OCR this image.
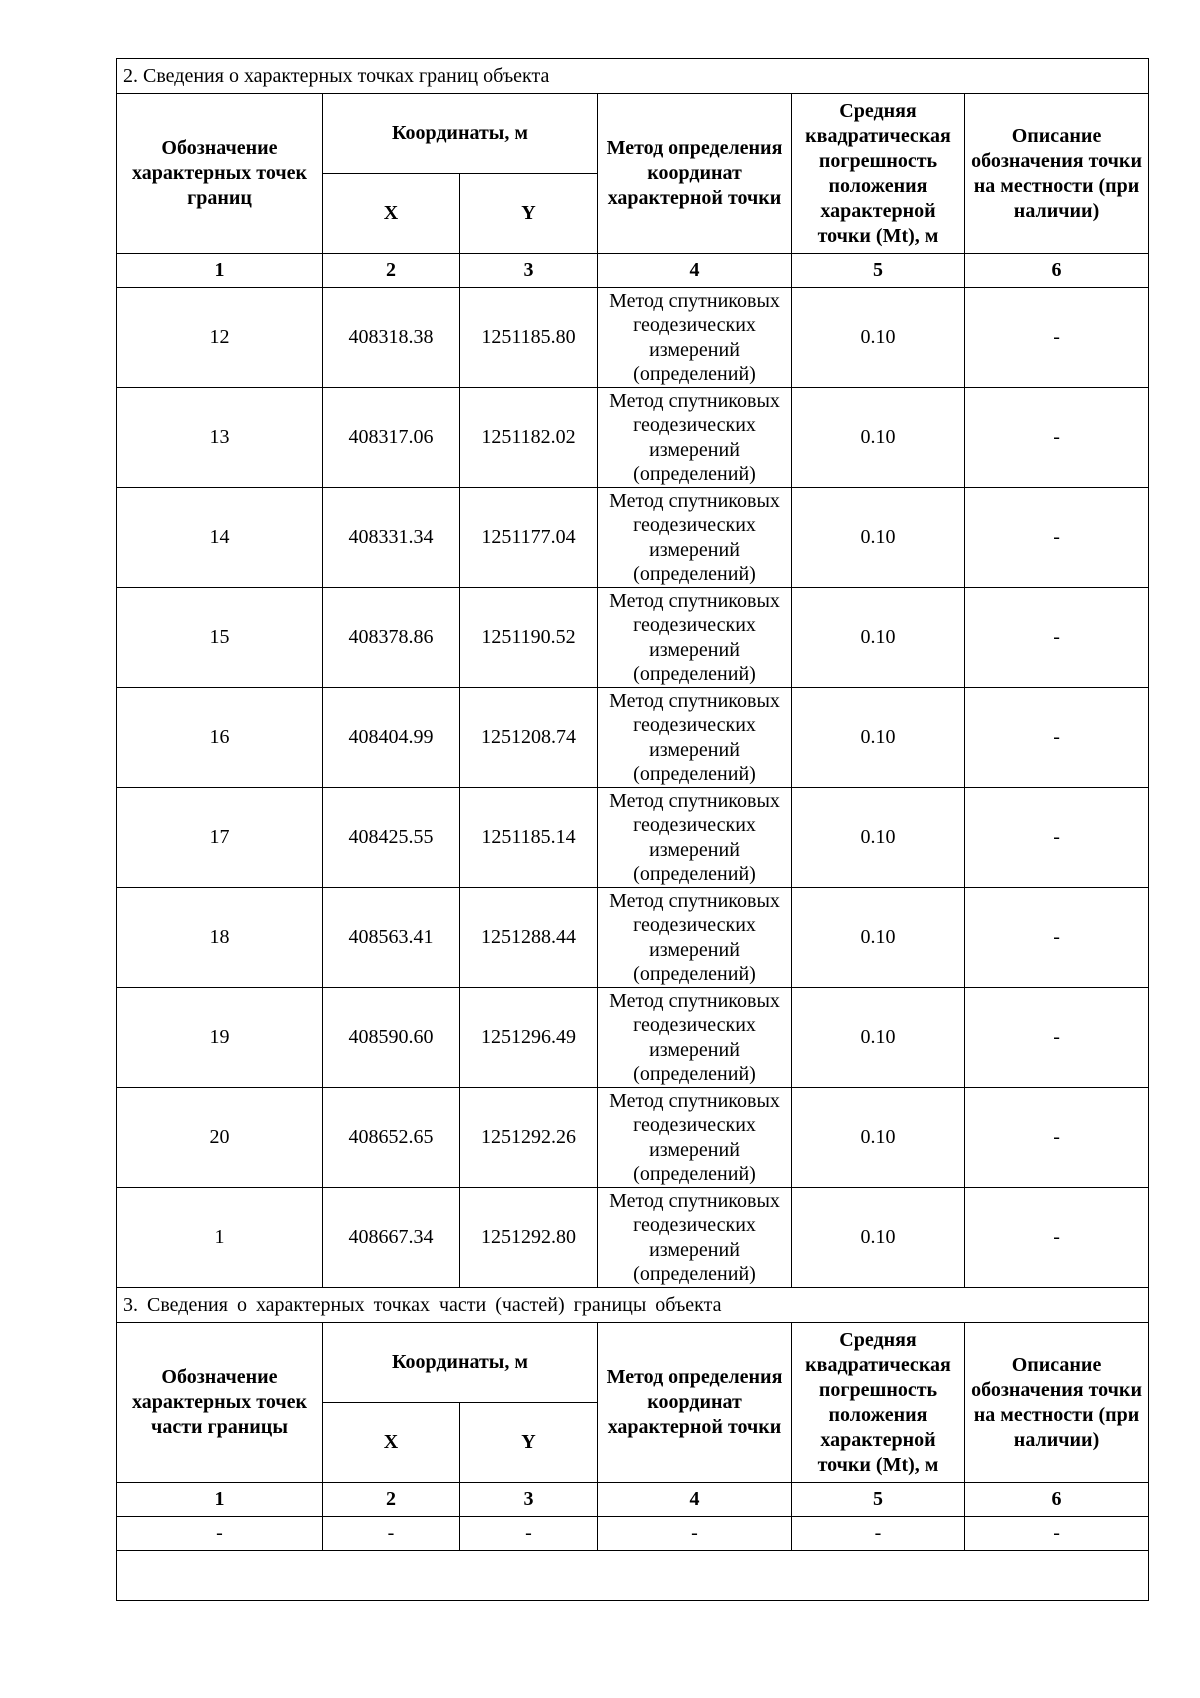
2. Сведения о характерных точках границ объекта					
Обозначение характерных точек границ	Координаты, м		Метод определения координат характерной точки	Средняя квадратическая погрешность положения характерной точки (Mt), м	Описание обозначения точки на местности (при наличии)
	X	Y			
1	2	3	4	5	6
12	408318.38	1251185.80	Метод спутниковых геодезических измерений (определений)	0.10	-
13	408317.06	1251182.02	Метод спутниковых геодезических измерений (определений)	0.10	-
14	408331.34	1251177.04	Метод спутниковых геодезических измерений (определений)	0.10	-
15	408378.86	1251190.52	Метод спутниковых геодезических измерений (определений)	0.10	-
16	408404.99	1251208.74	Метод спутниковых геодезических измерений (определений)	0.10	-
17	408425.55	1251185.14	Метод спутниковых геодезических измерений (определений)	0.10	-
18	408563.41	1251288.44	Метод спутниковых геодезических измерений (определений)	0.10	-
19	408590.60	1251296.49	Метод спутниковых геодезических измерений (определений)	0.10	-
20	408652.65	1251292.26	Метод спутниковых геодезических измерений (определений)	0.10	-
1	408667.34	1251292.80	Метод спутниковых геодезических измерений (определений)	0.10	-
3. Сведения о характерных точках части (частей) границы объекта					
Обозначение характерных точек части границы	Координаты, м		Метод определения координат характерной точки	Средняя квадратическая погрешность положения характерной точки (Mt), м	Описание обозначения точки на местности (при наличии)
	X	Y			
1	2	3	4	5	6
-	-	-	-	-	-
